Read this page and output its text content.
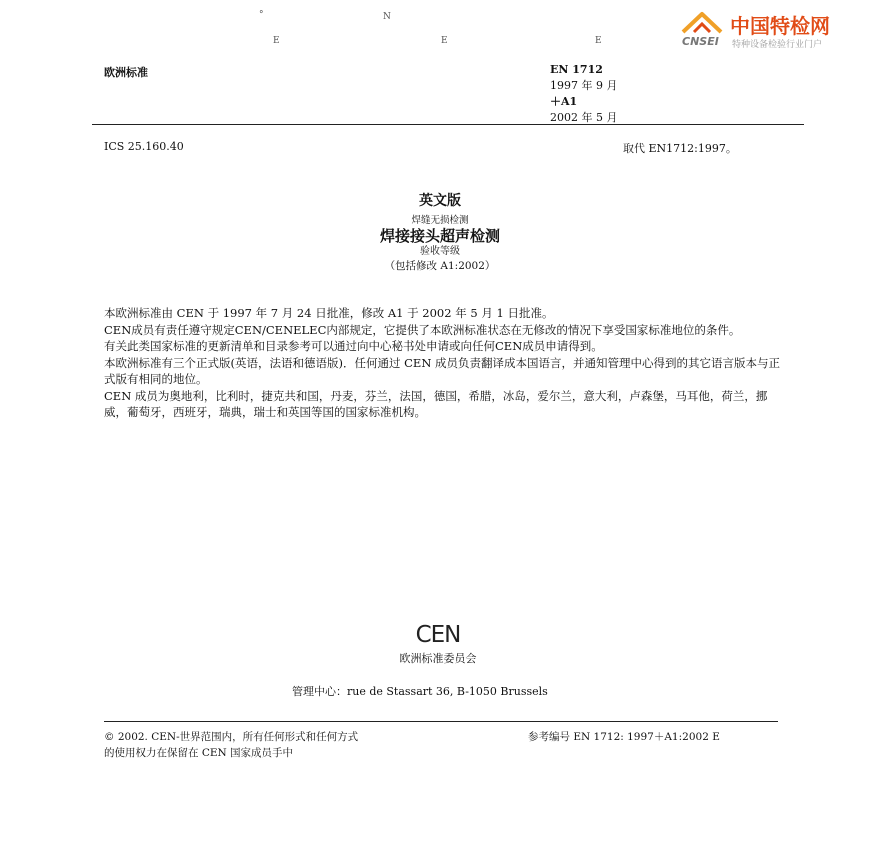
°	N
E	E	E
中国特检网
CNSEI 特种设备检验行业门户
欧洲标准	EN 1712
1997 年 9 月
＋A1
2002 年 5 月
ICS 25.160.40	取代 EN1712:1997。
英文版
焊缝无损检测
焊接接头超声检测
验收等级
（包括修改 A1:2002）

本欧洲标准由 CEN 于 1997 年 7 月 24 日批准，修改 A1 于 2002 年 5 月 1 日批准。

CEN成员有责任遵守规定CEN/CENELEC内部规定，它提供了本欧洲标准状态在无修改的情况下享受国家标准地位的条件。

有关此类国家标准的更新清单和目录参考可以通过向中心秘书处申请或向任何CEN成员申请得到。

本欧洲标准有三个正式版(英语，法语和德语版)．任何通过 CEN 成员负责翻译成本国语言，并通知管理中心得到的其它语言版本与正式版有相同的地位。

CEN 成员为奥地利，比利时，捷克共和国，丹麦，芬兰，法国，德国，希腊，冰岛，爱尔兰，意大利，卢森堡，马耳他，荷兰，挪威，葡萄牙，西班牙，瑞典，瑞士和英国等国的国家标准机构。

CEN
欧洲标准委员会
管理中心：rue de Stassart 36, B-1050 Brussels
© 2002. CEN-世界范围内，所有任何形式和任何方式
的使用权力在保留在 CEN 国家成员手中
参考编号 EN 1712: 1997＋A1:2002 E
